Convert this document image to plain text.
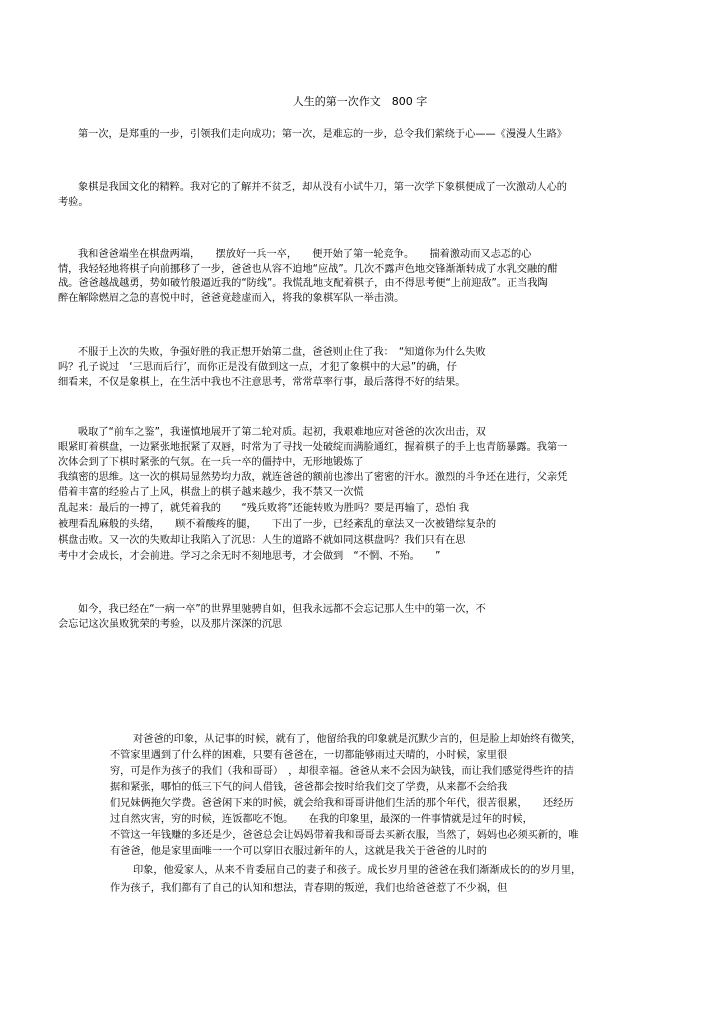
人生的第一次作文　800 字
第一次，是郑重的一步，引领我们走向成功；第一次，是难忘的一步，总令我们萦绕于心——《漫漫人生路》
象棋是我国文化的精粹。我对它的了解并不贫乏，却从没有小试牛刀，第一次学下象棋便成了一次激动人心的
考验。
我和爸爸端坐在棋盘两端，　　摆放好一兵一卒，　　便开始了第一轮竞争。　　揣着激动而又忐忑的心
情，我轻轻地将棋子向前挪移了一步，爸爸也从容不迫地“应战”。几次不露声色地交锋渐渐转成了水乳交融的酣
战。爸爸越战越勇，势如破竹般逼近我的“防线”。我慌乱地支配着棋子，由不得思考便“上前迎敌”。正当我陶
醉在解除燃眉之急的喜悦中时，爸爸竟趁虚而入，将我的象棋军队一举击溃。
不服于上次的失败，争强好胜的我正想开始第二盘，爸爸则止住了我：　“知道你为什么失败
吗？孔子说过　‘三思而后行’，而你正是没有做到这一点，才犯了象棋中的大忌”的确，仔
细看来，不仅是象棋上，在生活中我也不注意思考，常常草率行事，最后落得不好的结果。
吸取了“前车之鉴”，我谨慎地展开了第二轮对质。起初，我艰难地应对爸爸的次次出击，双
眼紧盯着棋盘，一边紧张地抿紧了双唇，时常为了寻找一处破绽而满脸通红，握着棋子的手上也青筋暴露。我第一
次体会到了下棋时紧张的气氛。在一兵一卒的僵持中，无形地锻炼了
我缜密的思维。这一次的棋局显然势均力敌，就连爸爸的额前也渗出了密密的汗水。激烈的斗争还在进行，父亲凭
借着丰富的经验占了上风，棋盘上的棋子越来越少，我不禁又一次慌
乱起来：最后的一搏了，就凭着我的　　“残兵败将”还能转败为胜吗？要是再输了，恐怕 我
被理看乱麻般的头绪，　　顾不着酸疼的腿，　　下出了一步，已经紊乱的章法又一次被错综复杂的
棋盘击败。又一次的失败却让我陷入了沉思：人生的道路不就如同这棋盘吗？我们只有在思
考中才会成长，才会前进。学习之余无时不刻地思考，才会做到　“不惘、不殆。　　”
如今，我已经在“一病一卒”的世界里驰骋自如，但我永远都不会忘记那人生中的第一次，不
会忘记这次虽败犹荣的考验，以及那片深深的沉思
对爸爸的印象，从记事的时候，就有了，他留给我的印象就是沉默少言的，但是脸上却始终有微笑，
不管家里遇到了什么样的困难，只要有爸爸在，一切都能够雨过天晴的，小时候，家里很
穷，可是作为孩子的我们（我和哥哥）　，却很幸福。爸爸从来不会因为缺钱，而让我们感觉得些许的拮
据和紧张，哪怕的低三下气的问人借钱，爸爸都会按时给我们交了学费，从来都不会给我
们兄妹俩拖欠学费。爸爸闲下来的时候，就会给我和哥哥讲他们生活的那个年代，很苦很累，　　还经历
过自然灾害，穷的时候，连饭都吃不饱。　　在我的印象里，最深的一件事情就是过年的时候，
不管这一年钱赚的多还是少，爸爸总会让妈妈带着我和哥哥去买新衣服，当然了，妈妈也必须买新的，唯
有爸爸，他是家里面唯一一个可以穿旧衣服过新年的人，这就是我关于爸爸的儿时的
印象，他爱家人，从来不肯委屈自己的妻子和孩子。成长岁月里的爸爸在我们渐渐成长的的岁月里，
作为孩子，我们都有了自己的认知和想法，青春期的叛逆，我们也给爸爸惹了不少祸，但
